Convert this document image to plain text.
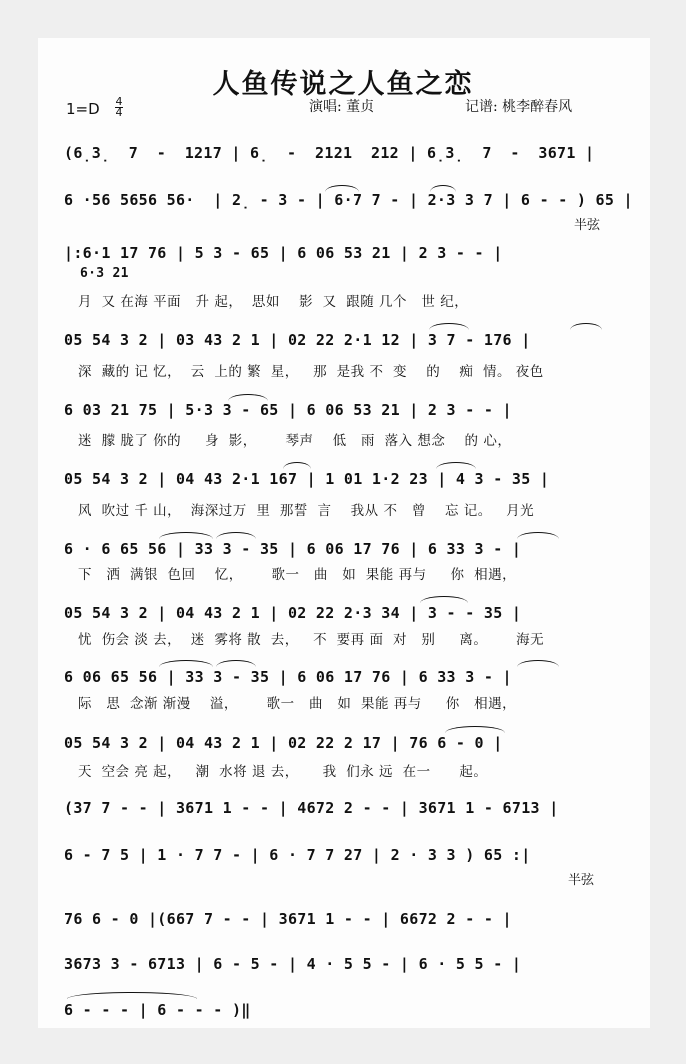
人鱼传说之人鱼之恋
1=D 4
4	演唱: 董贞	记谱: 桃李醉春风
(6̣3̣  7  -  1217 | 6̣  -  2121  212 | 6̣3̣  7  -  3671 |
6 ·56 5656 56·  | 2̣ - 3 - | 6·7 7 - | 2·3 3 7 | 6 - - ) 65 |
半弦
|:6·1 17 76 | 5 3 - 65 | 6 06 53 21 | 2 3 - - |
6·3 21
月  又 在海 平面   升 起，  思如    影  又  跟随 几个   世 纪，
05 54 3 2 | 03 43 2 1 | 02 22 2·1 12 | 3 7 - 176 |
深  藏的 记 忆，  云  上的 繁  星，   那  是我 不  变    的    痴  情。 夜色
6 03 21 75 | 5·3 3 - 65 | 6 06 53 21 | 2 3 - - |
迷  朦 胧了 你的     身  影，      琴声    低   雨  落入 想念    的 心，
05 54 3 2 | 04 43 2·1 167 | 1 01 1·2 23 | 4 3 - 35 |
风  吹过 千 山，  海深过万  里  那誓  言    我从 不   曾    忘 记。   月光
6 · 6 65 56 | 33 3 - 35 | 6 06 17 76 | 6 33 3 - |
下   洒  满银  色回    忆，      歌一   曲   如  果能 再与     你  相遇，
05 54 3 2 | 04 43 2 1 | 02 22 2·3 34 | 3 - - 35 |
忧  伤会 淡 去，  迷  雾将 散  去，   不  要再 面  对   别     离。      海无
6 06 65 56 | 33 3 - 35 | 6 06 17 76 | 6 33 3 - |
际   思  念渐 渐漫    溢，      歌一   曲   如  果能 再与     你   相遇，
05 54 3 2 | 04 43 2 1 | 02 22 2 17 | 76 6 - 0 |
天  空会 亮 起，   潮  水将 退 去，     我  们永 远  在一      起。
(37 7 - - | 3671 1 - - | 4672 2 - - | 3671 1 - 6713 |
6 - 7 5 | 1 · 7 7 - | 6 · 7 7 27 | 2 · 3 3 ) 65 :|
半弦
76 6 - 0 |(667 7 - - | 3671 1 - - | 6672 2 - - |
3673 3 - 6713 | 6 - 5 - | 4 · 5 5 - | 6 · 5 5 - |
6 - - - | 6 - - - )‖
